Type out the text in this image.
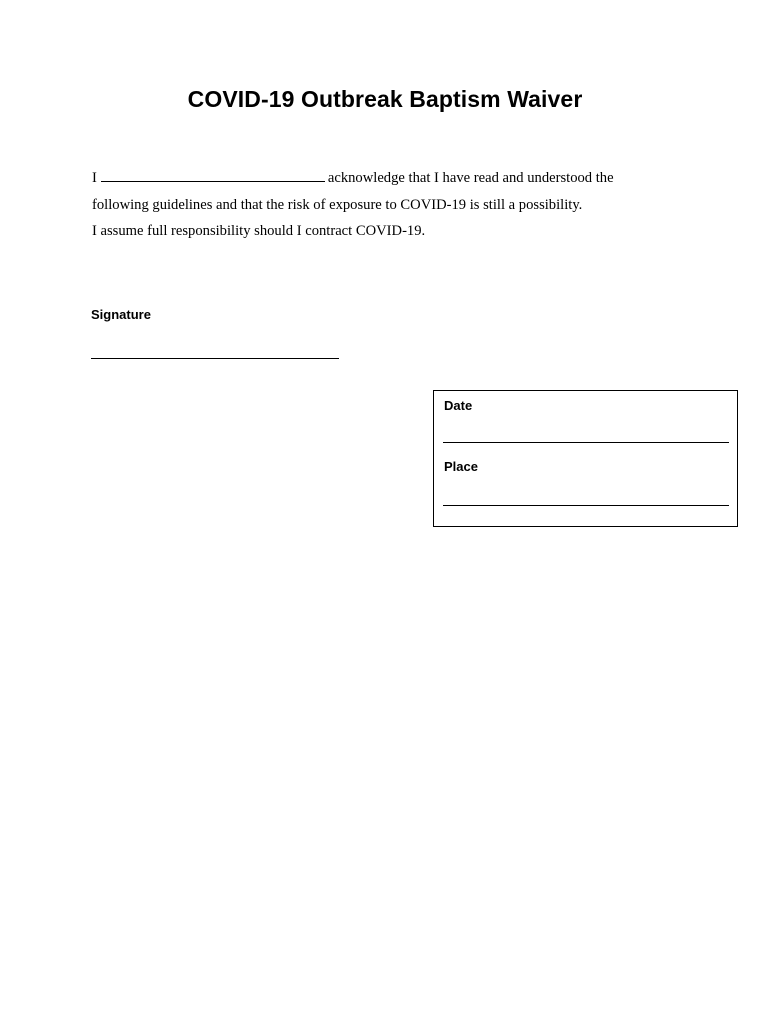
COVID-19 Outbreak Baptism Waiver

I	acknowledge that I have read and understood the

following guidelines and that the risk of exposure to COVID-19 is still a possibility.

I assume full responsibility should I contract COVID-19.

Signature

Date

Place
